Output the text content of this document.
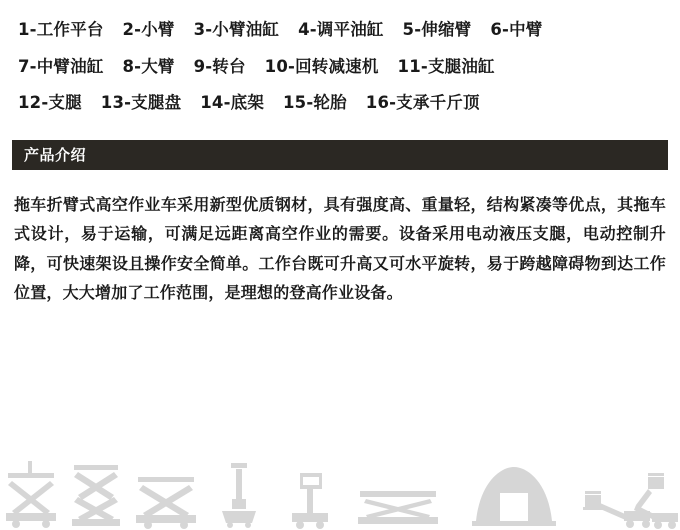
1-工作平台 2-小臂 3-小臂油缸 4-调平油缸 5-伸缩臂 6-中臂
7-中臂油缸 8-大臂 9-转台 10-回转减速机 11-支腿油缸
12-支腿 13-支腿盘 14-底架 15-轮胎 16-支承千斤顶
产品介绍

拖车折臂式高空作业车采用新型优质钢材，具有强度高、重量轻，结构紧凑等优点，其拖车式设计，易于运输，可满足远距离高空作业的需要。设备采用电动液压支腿，电动控制升降，可快速架设且操作安全简单。工作台既可升高又可水平旋转，易于跨越障碍物到达工作位置，大大增加了工作范围，是理想的登高作业设备。
